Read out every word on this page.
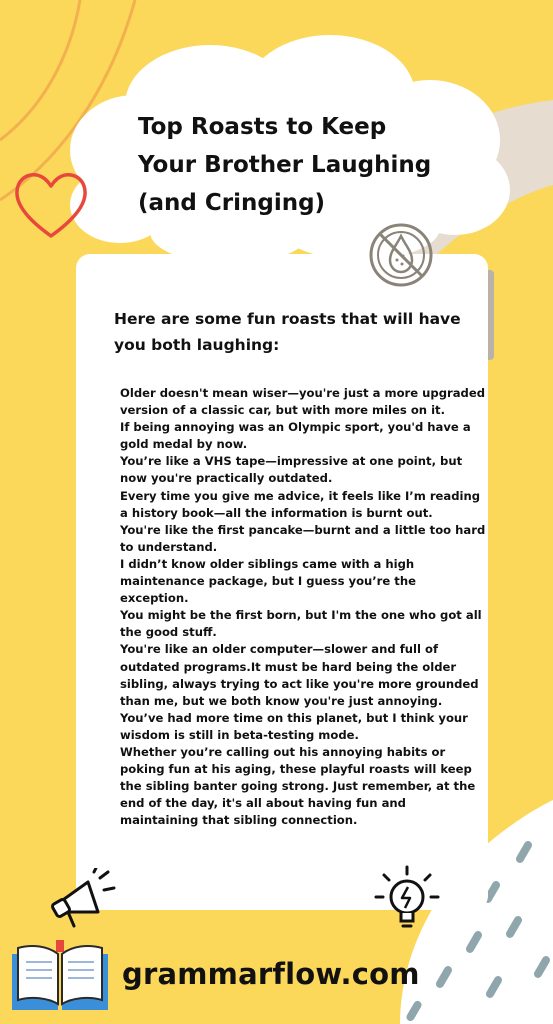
Top Roasts to Keep
Your Brother Laughing
(and Cringing)
Here are some fun roasts that will have you both laughing:

Older doesn't mean wiser—you're just a more upgraded version of a classic car, but with more miles on it.

If being annoying was an Olympic sport, you'd have a gold medal by now.

You’re like a VHS tape—impressive at one point, but now you're practically outdated.

Every time you give me advice, it feels like I’m reading a history book—all the information is burnt out.

You're like the first pancake—burnt and a little too hard to understand.

I didn’t know older siblings came with a high maintenance package, but I guess you’re the exception.

You might be the first born, but I'm the one who got all the good stuff.

You're like an older computer—slower and full of outdated programs.It must be hard being the older sibling, always trying to act like you're more grounded than me, but we both know you're just annoying.

You’ve had more time on this planet, but I think your wisdom is still in beta-testing mode.

Whether you’re calling out his annoying habits or poking fun at his aging, these playful roasts will keep the sibling banter going strong. Just remember, at the end of the day, it's all about having fun and maintaining that sibling connection.

grammarflow.com
